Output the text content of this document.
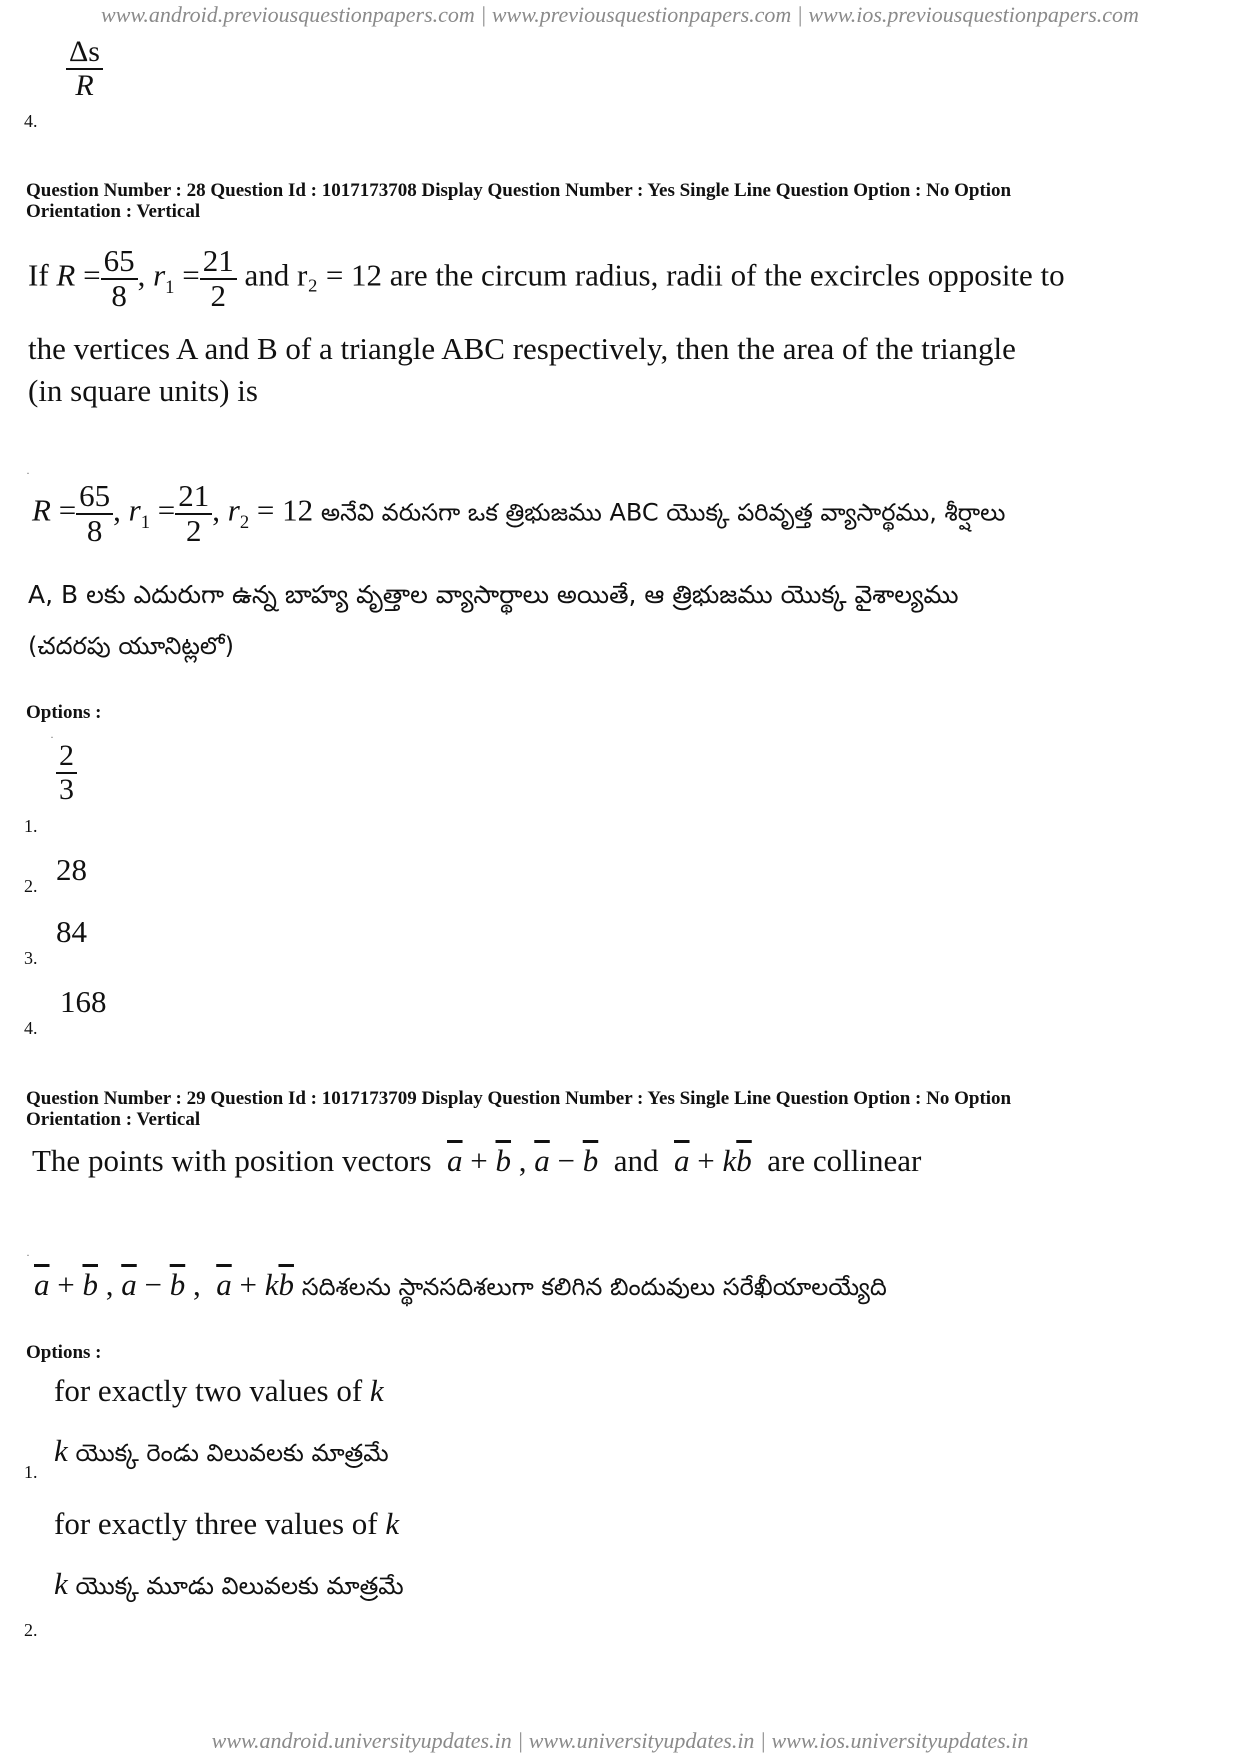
www.android.previousquestionpapers.com | www.previousquestionpapers.com | www.ios.previousquestionpapers.com
$\frac{\Delta s}{R}$
4.
Question Number : 28 Question Id : 1017173708 Display Question Number : Yes Single Line Question Option : No Option
Orientation : Vertical
If $R = \frac{65}{8}$ , $r_1 = \frac{21}{2}$ and r₂ = 12 are the circum radius, radii of the excircles opposite to
the vertices A and B of a triangle ABC respectively, then the area of the triangle
(in square units) is
·
$R = \frac{65}{8}$ , $r_1 = \frac{21}{2}$ , $r_2 = 12$ అనేవి వరుసగా ఒక త్రిభుజము ABC యొక్క పరివృత్త వ్యాసార్థము, శీర్షాలు
A, B లకు ఎదురుగా ఉన్న బాహ్య వృత్తాల వ్యాసార్థాలు అయితే, ఆ త్రిభుజము యొక్క వైశాల్యము
(చదరపు యూనిట్లలో)
Options :
·
$\frac{2}{3}$
1.
28
2.
84
3.
168
4.
Question Number : 29 Question Id : 1017173709 Display Question Number : Yes Single Line Question Option : No Option
Orientation : Vertical
The points with position vectors $\overline{a} + \overline{b}$ , $\overline{a} - \overline{b}$ and $\overline{a} + k\overline{b}$ are collinear
·
$\overline{a} + \overline{b}$ , $\overline{a} - \overline{b}$ ,  $\overline{a} + k\overline{b}$ సదిశలను స్థానసదిశలుగా కలిగిన బిందువులు సరేఖీయాలయ్యేది
Options :
for exactly two values of k
k యొక్క రెండు విలువలకు మాత్రమే
1.
for exactly three values of k
k యొక్క మూడు విలువలకు మాత్రమే
2.
www.android.universityupdates.in | www.universityupdates.in | www.ios.universityupdates.in
